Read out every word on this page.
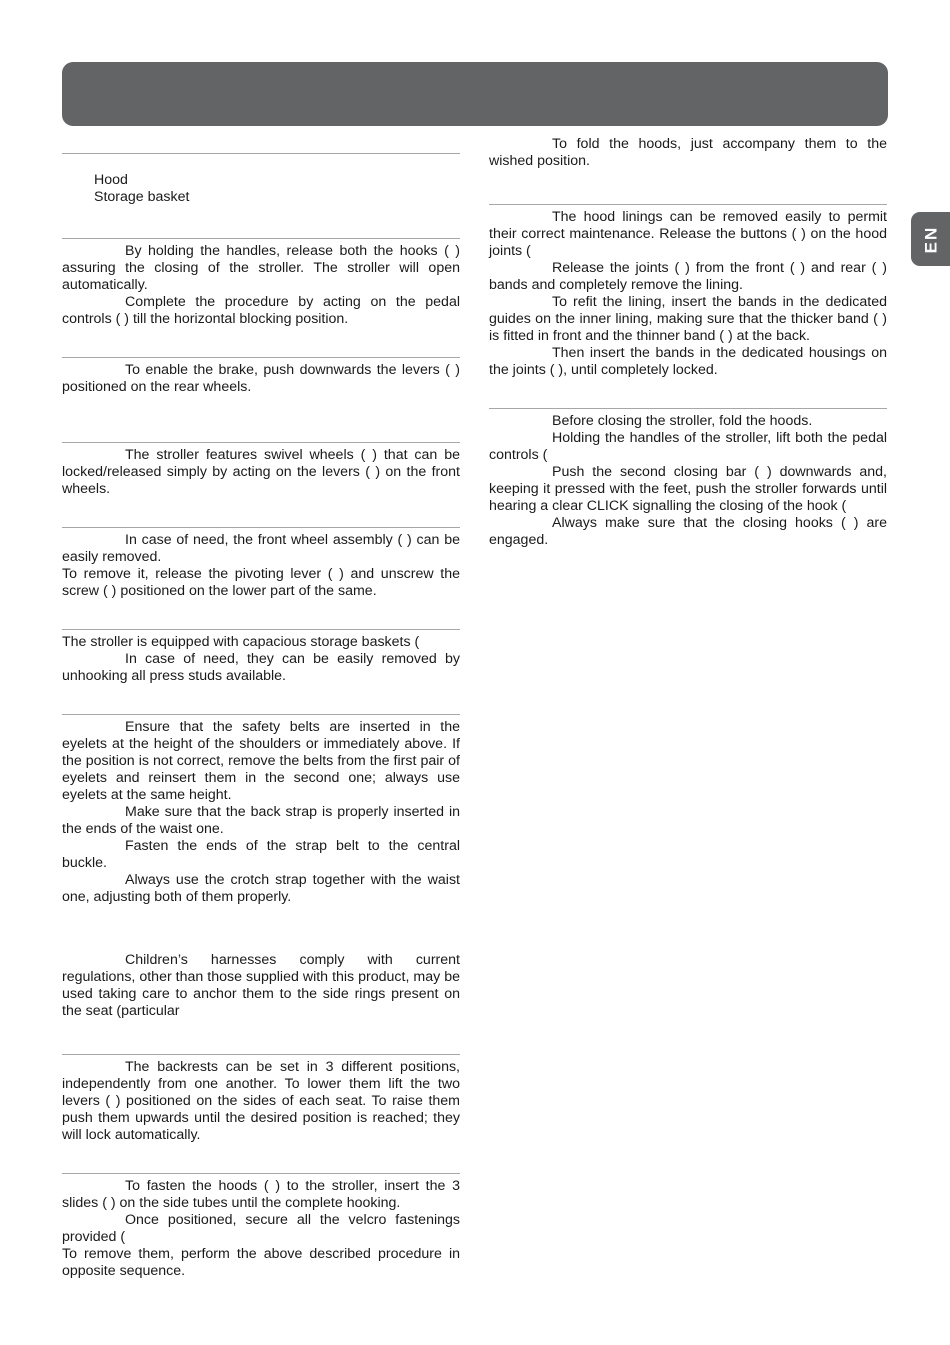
EN

Hood

Storage basket

By holding the handles, release both the hooks ( ) assuring the closing of the stroller. The stroller will open automatically.

Complete the procedure by acting on the pedal controls ( ) till the horizontal blocking position.

To enable the brake, push downwards the levers ( ) positioned on the rear wheels.

The stroller features swivel wheels ( ) that can be locked/released simply by acting on the levers ( ) on the front wheels.

In case of need, the front wheel assembly ( ) can be easily removed.

To remove it, release the pivoting lever ( ) and unscrew the screw ( ) positioned on the lower part of the same.

The stroller is equipped with capacious storage baskets (

In case of need, they can be easily removed by unhooking all press studs available.

Ensure that the safety belts are inserted in the eyelets at the height of the shoulders or immediately above. If the position is not correct, remove the belts from the first pair of eyelets and reinsert them in the second one; always use eyelets at the same height.

Make sure that the back strap is properly inserted in the ends of the waist one.

Fasten the ends of the strap belt to the central buckle.

Always use the crotch strap together with the waist one, adjusting both of them properly.

Children’s harnesses comply with current regulations, other than those supplied with this product, may be used taking care to anchor them to the side rings present on the seat (particular

The backrests can be set in 3 different positions, independently from one another. To lower them lift the two levers ( ) positioned on the sides of each seat. To raise them push them upwards until the desired position is reached; they will lock automatically.

To fasten the hoods ( ) to the stroller, insert the 3 slides ( ) on the side tubes until the complete hooking.

Once positioned, secure all the velcro fastenings provided (

To remove them, perform the above described procedure in opposite sequence.

To fold the hoods, just accompany them to the wished position.

The hood linings can be removed easily to permit their correct maintenance. Release the buttons ( ) on the hood joints (

Release the joints ( ) from the front ( ) and rear ( ) bands and completely remove the lining.

To refit the lining, insert the bands in the dedicated guides on the inner lining, making sure that the thicker band ( ) is fitted in front and the thinner band ( ) at the back.

Then insert the bands in the dedicated housings on the joints ( ), until completely locked.

Before closing the stroller, fold the hoods.

Holding the handles of the stroller, lift both the pedal controls (

Push the second closing bar ( ) downwards and, keeping it pressed with the feet, push the stroller forwards until hearing a clear CLICK signalling the closing of the hook (

Always make sure that the closing hooks ( ) are engaged.
